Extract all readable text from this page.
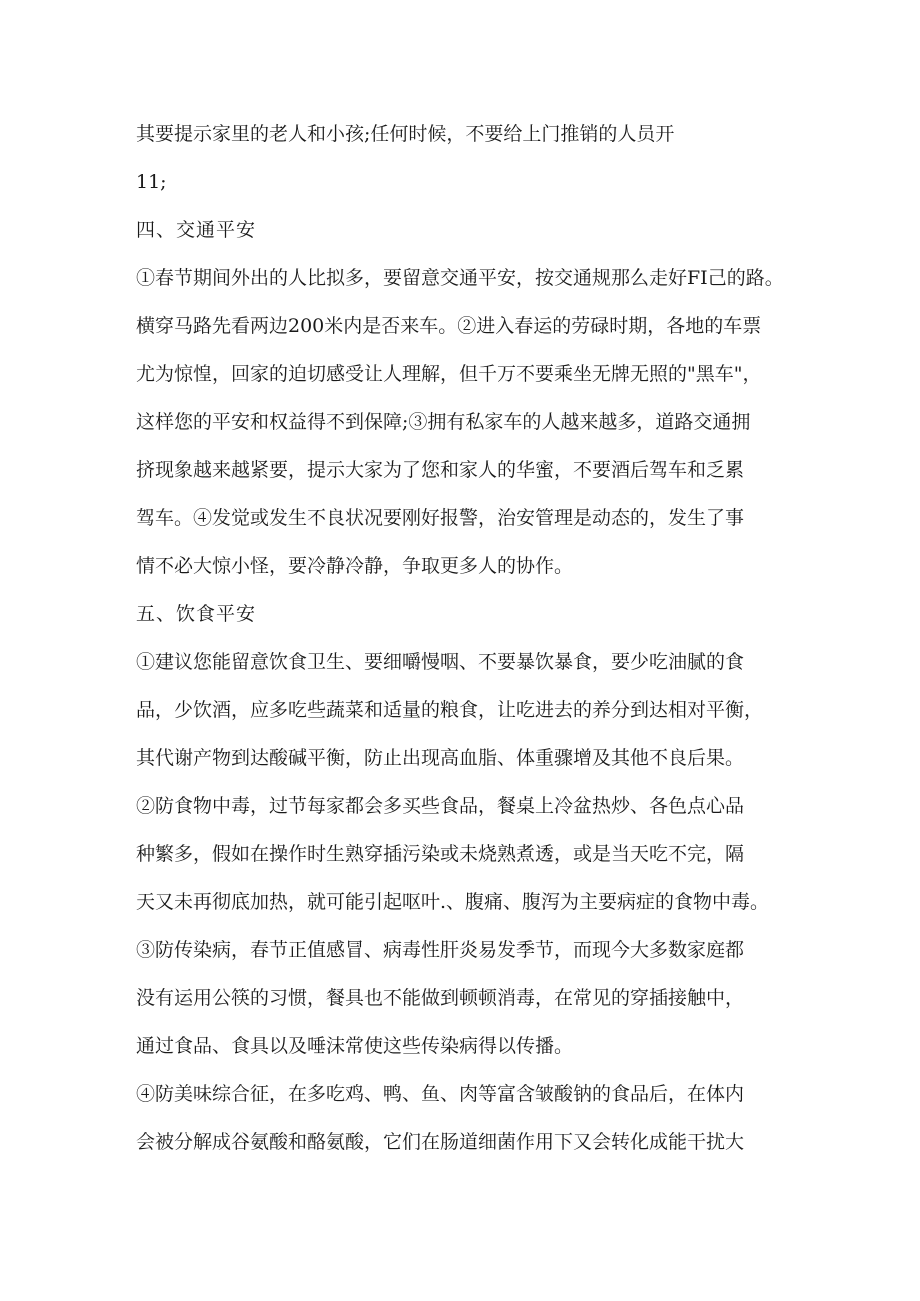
其要提示家里的老人和小孩;任何时候，不要给上门推销的人员开
11;
四、交通平安
①春节期间外出的人比拟多，要留意交通平安，按交通规那么走好FI己的路。
横穿马路先看两边200米内是否来车。②进入春运的劳碌时期，各地的车票
尤为惊惶，回家的迫切感受让人理解，但千万不要乘坐无牌无照的"黑车"，
这样您的平安和权益得不到保障;③拥有私家车的人越来越多，道路交通拥
挤现象越来越紧要，提示大家为了您和家人的华蜜，不要酒后驾车和乏累
驾车。④发觉或发生不良状况要刚好报警，治安管理是动态的，发生了事
情不必大惊小怪，要冷静冷静，争取更多人的协作。
五、饮食平安
①建议您能留意饮食卫生、要细嚼慢咽、不要暴饮暴食，要少吃油腻的食
品，少饮酒，应多吃些蔬菜和适量的粮食，让吃进去的养分到达相对平衡，
其代谢产物到达酸碱平衡，防止出现高血脂、体重骤增及其他不良后果。
②防食物中毒，过节每家都会多买些食品，餐桌上冷盆热炒、各色点心品
种繁多，假如在操作时生熟穿插污染或未烧熟煮透，或是当天吃不完，隔
天又未再彻底加热，就可能引起呕叶.、腹痛、腹泻为主要病症的食物中毒。
③防传染病，春节正值感冒、病毒性肝炎易发季节，而现今大多数家庭都
没有运用公筷的习惯，餐具也不能做到顿顿消毒，在常见的穿插接触中，
通过食品、食具以及唾沫常使这些传染病得以传播。
④防美味综合征，在多吃鸡、鸭、鱼、肉等富含皱酸钠的食品后，在体内
会被分解成谷氨酸和酪氨酸，它们在肠道细菌作用下又会转化成能干扰大
